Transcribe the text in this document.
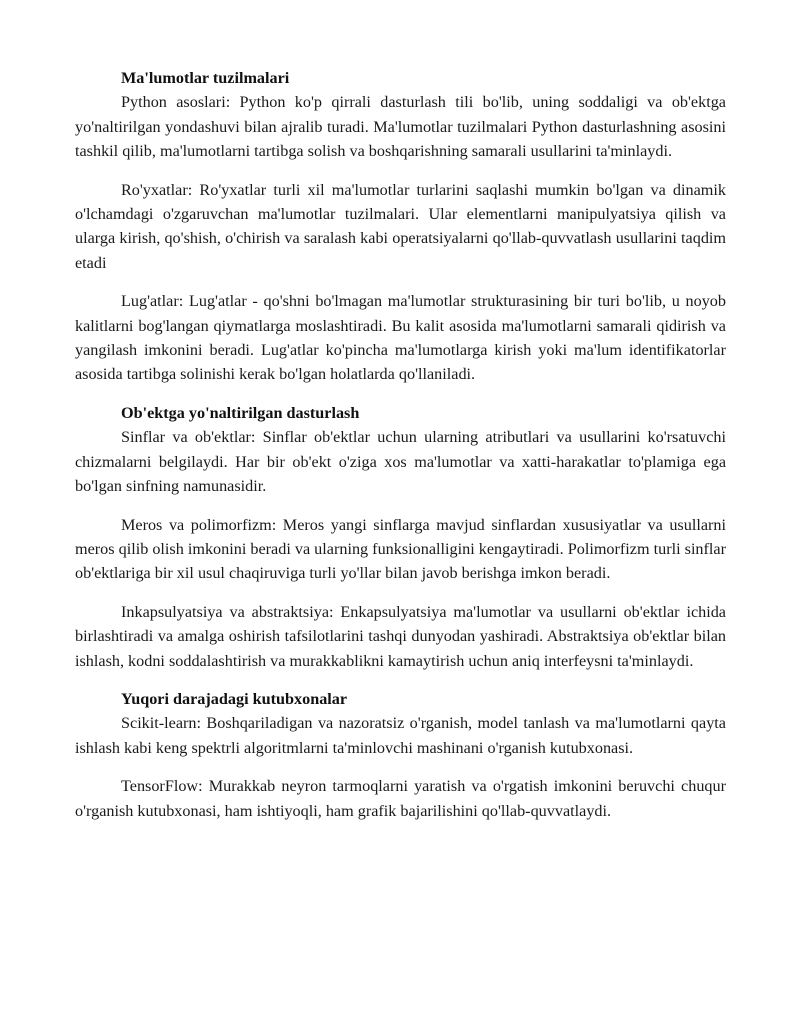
Ma'lumotlar tuzilmalari

Python asoslari: Python ko'p qirrali dasturlash tili bo'lib, uning soddaligi va ob'ektga yo'naltirilgan yondashuvi bilan ajralib turadi. Ma'lumotlar tuzilmalari Python dasturlashning asosini tashkil qilib, ma'lumotlarni tartibga solish va boshqarishning samarali usullarini ta'minlaydi.

Ro'yxatlar: Ro'yxatlar turli xil ma'lumotlar turlarini saqlashi mumkin bo'lgan va dinamik o'lchamdagi o'zgaruvchan ma'lumotlar tuzilmalari. Ular elementlarni manipulyatsiya qilish va ularga kirish, qo'shish, o'chirish va saralash kabi operatsiyalarni qo'llab-quvvatlash usullarini taqdim etadi

Lug'atlar: Lug'atlar - qo'shni bo'lmagan ma'lumotlar strukturasining bir turi bo'lib, u noyob kalitlarni bog'langan qiymatlarga moslashtiradi. Bu kalit asosida ma'lumotlarni samarali qidirish va yangilash imkonini beradi. Lug'atlar ko'pincha ma'lumotlarga kirish yoki ma'lum identifikatorlar asosida tartibga solinishi kerak bo'lgan holatlarda qo'llaniladi.

Ob'ektga yo'naltirilgan dasturlash

Sinflar va ob'ektlar: Sinflar ob'ektlar uchun ularning atributlari va usullarini ko'rsatuvchi chizmalarni belgilaydi. Har bir ob'ekt o'ziga xos ma'lumotlar va xatti-harakatlar to'plamiga ega bo'lgan sinfning namunasidir.

Meros va polimorfizm: Meros yangi sinflarga mavjud sinflardan xususiyatlar va usullarni meros qilib olish imkonini beradi va ularning funksionalligini kengaytiradi. Polimorfizm turli sinflar ob'ektlariga bir xil usul chaqiruviga turli yo'llar bilan javob berishga imkon beradi.

Inkapsulyatsiya va abstraktsiya: Enkapsulyatsiya ma'lumotlar va usullarni ob'ektlar ichida birlashtiradi va amalga oshirish tafsilotlarini tashqi dunyodan yashiradi. Abstraktsiya ob'ektlar bilan ishlash, kodni soddalashtirish va murakkablikni kamaytirish uchun aniq interfeysni ta'minlaydi.

Yuqori darajadagi kutubxonalar

Scikit-learn: Boshqariladigan va nazoratsiz o'rganish, model tanlash va ma'lumotlarni qayta ishlash kabi keng spektrli algoritmlarni ta'minlovchi mashinani o'rganish kutubxonasi.

TensorFlow: Murakkab neyron tarmoqlarni yaratish va o'rgatish imkonini beruvchi chuqur o'rganish kutubxonasi, ham ishtiyoqli, ham grafik bajarilishini qo'llab-quvvatlaydi.
